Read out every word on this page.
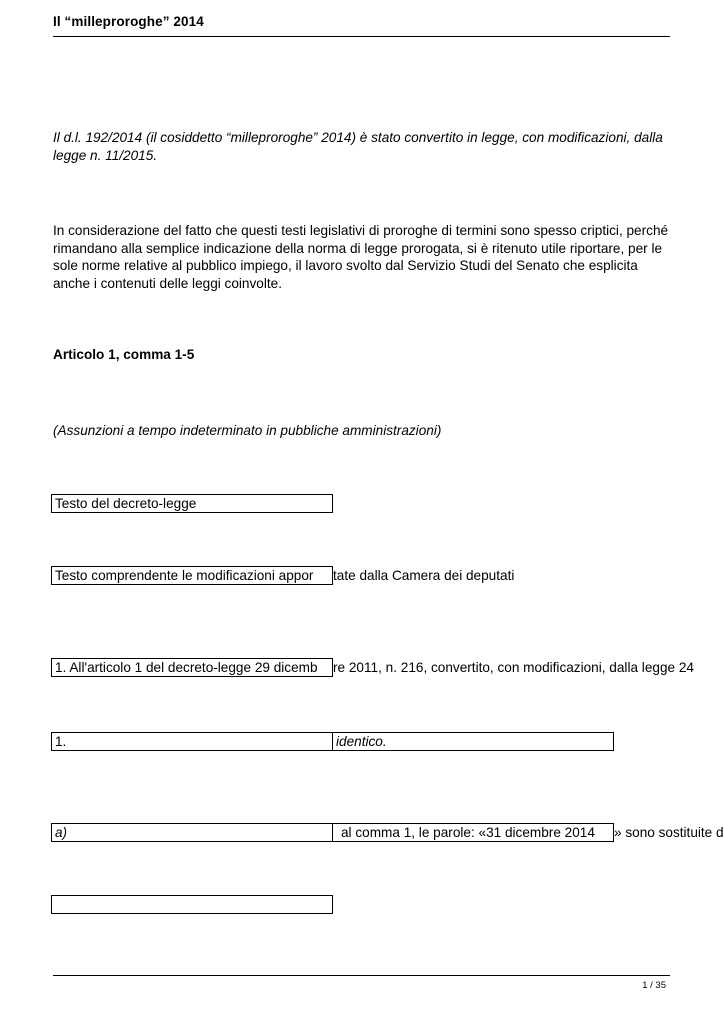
Il “milleproroghe” 2014
Il d.l. 192/2014 (il cosiddetto “milleproroghe” 2014) è stato convertito in legge, con modificazioni, dalla legge n. 11/2015.
In considerazione del fatto che questi testi legislativi di proroghe di termini sono spesso criptici, perché rimandano alla semplice indicazione della norma di legge prorogata, si è ritenuto utile riportare, per le sole norme relative al pubblico impiego, il lavoro svolto dal Servizio Studi del Senato che esplicita anche i contenuti delle leggi coinvolte.
Articolo 1, comma 1-5
(Assunzioni a tempo indeterminato in pubbliche amministrazioni)
Testo del decreto-legge
Testo comprendente le modificazioni appor	tate dalla Camera dei deputati
1. All'articolo 1 del decreto-legge 29 dicemb	re 2011, n. 216, convertito, con modificazioni, dalla legge 24
1.	identico.
a)	al comma 1, le parole: «31 dicembre 2014	» sono sostituite d
1 / 35
